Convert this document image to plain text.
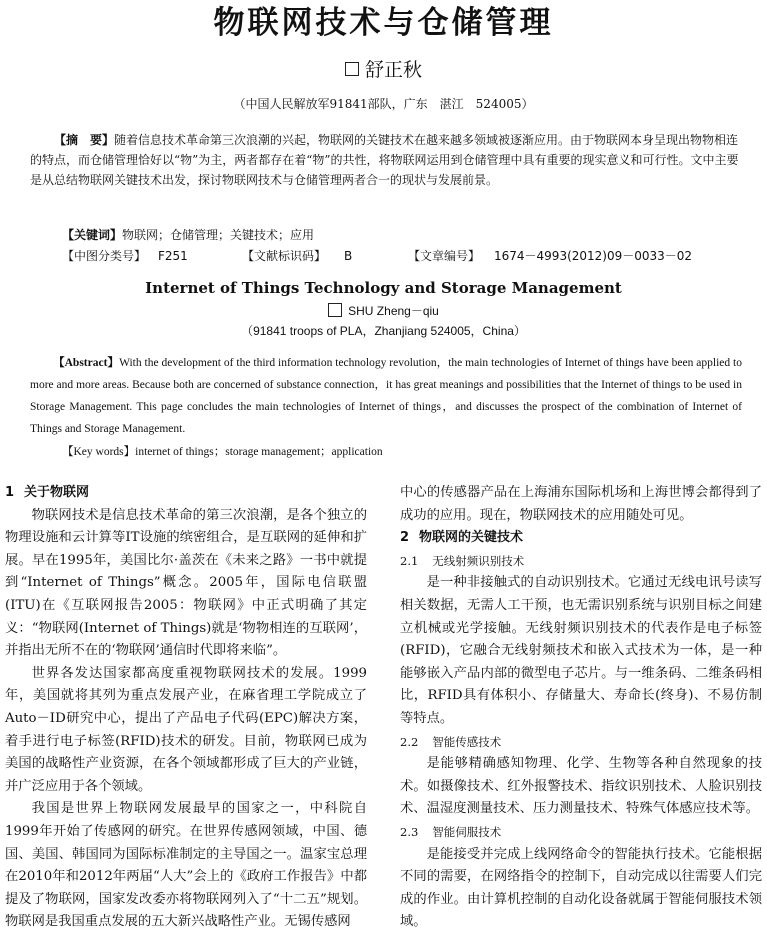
物联网技术与仓储管理
舒正秋
（中国人民解放军91841部队，广东　湛江　524005）

【摘　要】随着信息技术革命第三次浪潮的兴起，物联网的关键技术在越来越多领域被逐渐应用。由于物联网本身呈现出物物相连的特点，而仓储管理恰好以“物”为主，两者都存在着“物”的共性，将物联网运用到仓储管理中具有重要的现实意义和可行性。文中主要是从总结物联网关键技术出发，探讨物联网技术与仓储管理两者合一的现状与发展前景。

【关键词】物联网；仓储管理；关键技术；应用
【中图分类号】 F251	【文献标识码】 B	【文章编号】 1674－4993(2012)09－0033－02
Internet of Things Technology and Storage Management
SHU Zheng－qiu
（91841 troops of PLA，Zhanjiang 524005，China）
【Abstract】With the development of the third information technology revolution，the main technologies of Internet of things have been applied to more and more areas. Because both are concerned of substance connection，it has great meanings and possibilities that the Internet of things to be used in Storage Management. This page concludes the main technologies of Internet of things，and discusses the prospect of the combination of Internet of Things and Storage Management.
【Key words】internet of things；storage management；application
1 关于物联网

物联网技术是信息技术革命的第三次浪潮，是各个独立的物理设施和云计算等IT设施的缤密组合，是互联网的延伸和扩展。早在1995年，美国比尔·盖茨在《未来之路》一书中就提到“Internet of Things”概念。2005年，国际电信联盟(ITU)在《互联网报告2005：物联网》中正式明确了其定义：“物联网(Internet of Things)就是‘物物相连的互联网’，并指出无所不在的‘物联网’通信时代即将来临”。

世界各发达国家都高度重视物联网技术的发展。1999年，美国就将其列为重点发展产业，在麻省理工学院成立了Auto－ID研究中心，提出了产品电子代码(EPC)解决方案，着手进行电子标签(RFID)技术的研发。目前，物联网已成为美国的战略性产业资源，在各个领域都形成了巨大的产业链，并广泛应用于各个领域。

我国是世界上物联网发展最早的国家之一，中科院自1999年开始了传感网的研究。在世界传感网领域，中国、德国、美国、韩国同为国际标准制定的主导国之一。温家宝总理在2010年和2012年两届“人大”会上的《政府工作报告》中都提及了物联网，国家发改委亦将物联网列入了“十二五”规划。物联网是我国重点发展的五大新兴战略性产业。无锡传感网

中心的传感器产品在上海浦东国际机场和上海世博会都得到了成功的应用。现在，物联网技术的应用随处可见。

2 物联网的关键技术
2.1 无线射频识别技术

是一种非接触式的自动识别技术。它通过无线电讯号读写相关数据，无需人工干预，也无需识别系统与识别目标之间建立机械或光学接触。无线射频识别技术的代表作是电子标签(RFID)，它融合无线射频技术和嵌入式技术为一体，是一种能够嵌入产品内部的微型电子芯片。与一维条码、二维条码相比，RFID具有体积小、存储量大、寿命长(终身)、不易仿制等特点。

2.2 智能传感技术

是能够精确感知物理、化学、生物等各种自然现象的技术。如摄像技术、红外报警技术、指纹识别技术、人脸识别技术、温湿度测量技术、压力测量技术、特殊气体感应技术等。

2.3 智能伺服技术

是能接受并完成上线网络命令的智能执行技术。它能根据不同的需要，在网络指令的控制下，自动完成以往需要人们完成的作业。由计算机控制的自动化设备就属于智能伺服技术领域。
